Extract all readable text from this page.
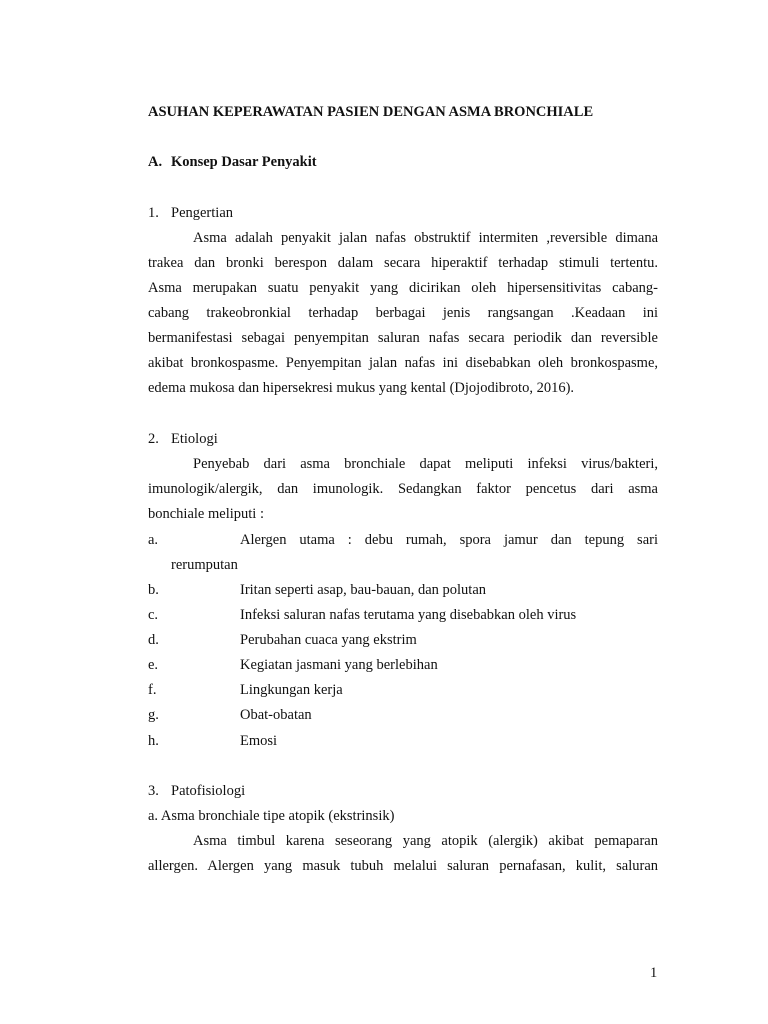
ASUHAN KEPERAWATAN PASIEN DENGAN ASMA BRONCHIALE
A. Konsep Dasar Penyakit
1. Pengertian
Asma adalah penyakit jalan nafas obstruktif intermiten ,reversible dimana
trakea dan bronki berespon dalam secara hiperaktif terhadap stimuli tertentu.
Asma merupakan suatu penyakit yang dicirikan oleh hipersensitivitas cabang-
cabang trakeobronkial terhadap berbagai jenis rangsangan .Keadaan ini
bermanifestasi sebagai penyempitan saluran nafas secara periodik dan reversible
akibat bronkospasme. Penyempitan jalan nafas ini disebabkan oleh bronkospasme,
edema mukosa dan hipersekresi mukus yang kental (Djojodibroto, 2016).
2. Etiologi
Penyebab dari asma bronchiale dapat meliputi infeksi virus/bakteri,
imunologik/alergik, dan imunologik. Sedangkan faktor pencetus dari asma
bonchiale meliputi :
a.	Alergen utama : debu rumah, spora jamur dan tepung sari
rerumputan
b.	Iritan seperti asap, bau-bauan, dan polutan
c.	Infeksi saluran nafas terutama yang disebabkan oleh virus
d.	Perubahan cuaca yang ekstrim
e.	Kegiatan jasmani yang berlebihan
f.	Lingkungan kerja
g.	Obat-obatan
h.	Emosi
3. Patofisiologi
a. Asma bronchiale tipe atopik (ekstrinsik)
Asma timbul karena seseorang yang atopik (alergik) akibat pemaparan
allergen. Alergen yang masuk tubuh melalui saluran pernafasan, kulit, saluran
1
